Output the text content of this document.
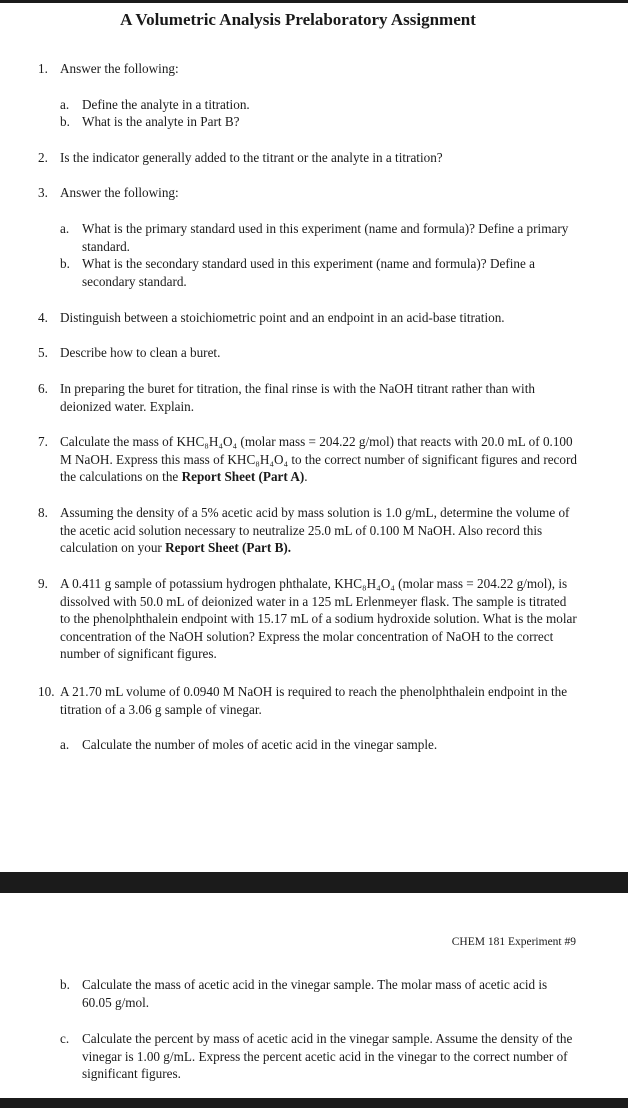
A Volumetric Analysis Prelaboratory Assignment
1. Answer the following:
a. Define the analyte in a titration.
b. What is the analyte in Part B?
2. Is the indicator generally added to the titrant or the analyte in a titration?
3. Answer the following:
a. What is the primary standard used in this experiment (name and formula)? Define a primary standard.
b. What is the secondary standard used in this experiment (name and formula)? Define a secondary standard.
4. Distinguish between a stoichiometric point and an endpoint in an acid-base titration.
5. Describe how to clean a buret.
6. In preparing the buret for titration, the final rinse is with the NaOH titrant rather than with deionized water. Explain.
7. Calculate the mass of KHC₈H₄O₄ (molar mass = 204.22 g/mol) that reacts with 20.0 mL of 0.100 M NaOH. Express this mass of KHC₈H₄O₄ to the correct number of significant figures and record the calculations on the Report Sheet (Part A).
8. Assuming the density of a 5% acetic acid by mass solution is 1.0 g/mL, determine the volume of the acetic acid solution necessary to neutralize 25.0 mL of 0.100 M NaOH. Also record this calculation on your Report Sheet (Part B).
9. A 0.411 g sample of potassium hydrogen phthalate, KHC₈H₄O₄ (molar mass = 204.22 g/mol), is dissolved with 50.0 mL of deionized water in a 125 mL Erlenmeyer flask. The sample is titrated to the phenolphthalein endpoint with 15.17 mL of a sodium hydroxide solution. What is the molar concentration of the NaOH solution? Express the molar concentration of NaOH to the correct number of significant figures.
10. A 21.70 mL volume of 0.0940 M NaOH is required to reach the phenolphthalein endpoint in the titration of a 3.06 g sample of vinegar.
a. Calculate the number of moles of acetic acid in the vinegar sample.
CHEM 181 Experiment #9
b. Calculate the mass of acetic acid in the vinegar sample. The molar mass of acetic acid is 60.05 g/mol.
c. Calculate the percent by mass of acetic acid in the vinegar sample. Assume the density of the vinegar is 1.00 g/mL. Express the percent acetic acid in the vinegar to the correct number of significant figures.
